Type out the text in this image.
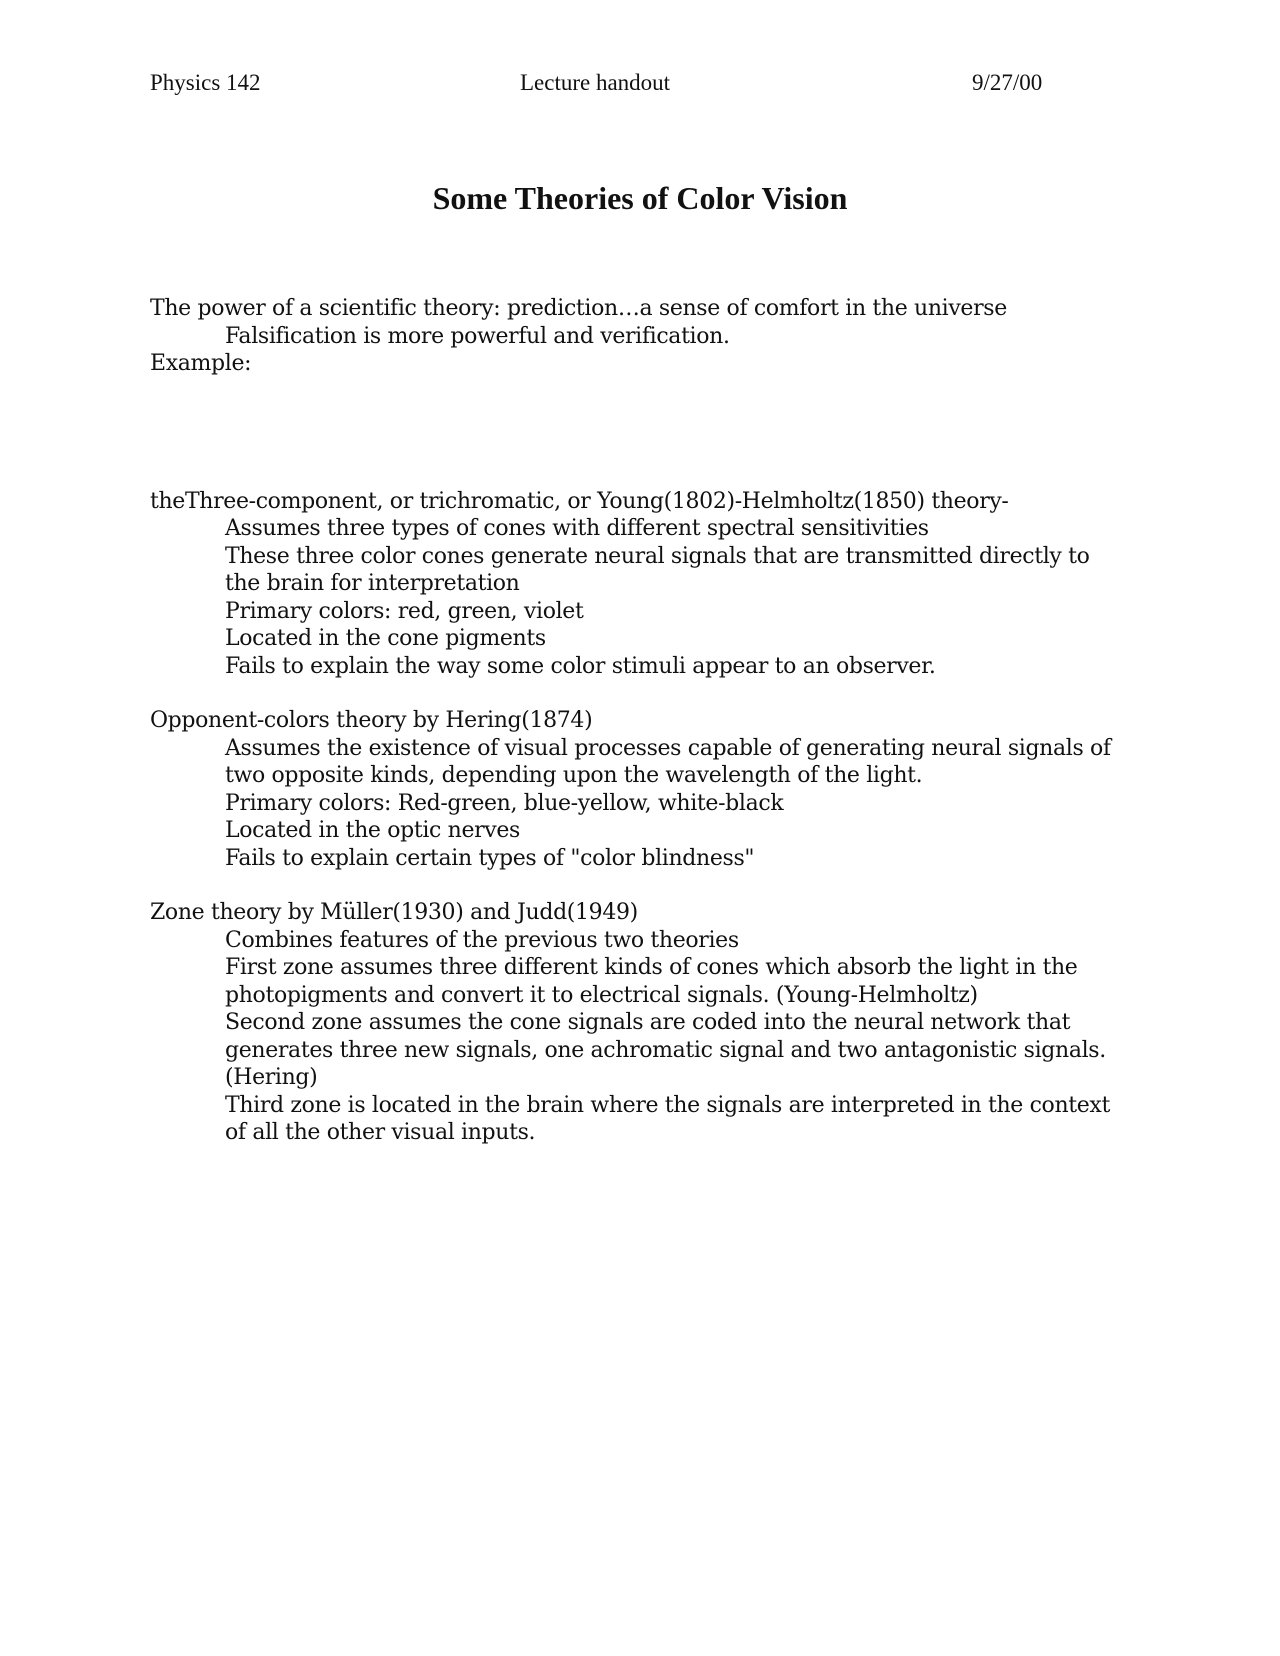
Physics 142	Lecture handout	9/27/00
Some Theories of Color Vision
The power of a scientific theory: prediction…a sense of comfort in the universe
Falsification is more powerful and verification.
Example:
theThree-component, or trichromatic, or Young(1802)-Helmholtz(1850) theory-
Assumes three types of cones with different spectral sensitivities
These three color cones generate neural signals that are transmitted directly to
the brain for interpretation
Primary colors: red, green, violet
Located in the cone pigments
Fails to explain the way some color stimuli appear to an observer.
Opponent-colors theory by Hering(1874)
Assumes the existence of visual processes capable of generating neural signals of
two opposite kinds, depending upon the wavelength of the light.
Primary colors: Red-green, blue-yellow, white-black
Located in the optic nerves
Fails to explain certain types of "color blindness"
Zone theory by Müller(1930) and Judd(1949)
Combines features of the previous two theories
First zone assumes three different kinds of cones which absorb the light in the
photopigments and convert it to electrical signals. (Young-Helmholtz)
Second zone assumes the cone signals are coded into the neural network that
generates three new signals, one achromatic signal and two antagonistic signals.
(Hering)
Third zone is located in the brain where the signals are interpreted in the context
of all the other visual inputs.
